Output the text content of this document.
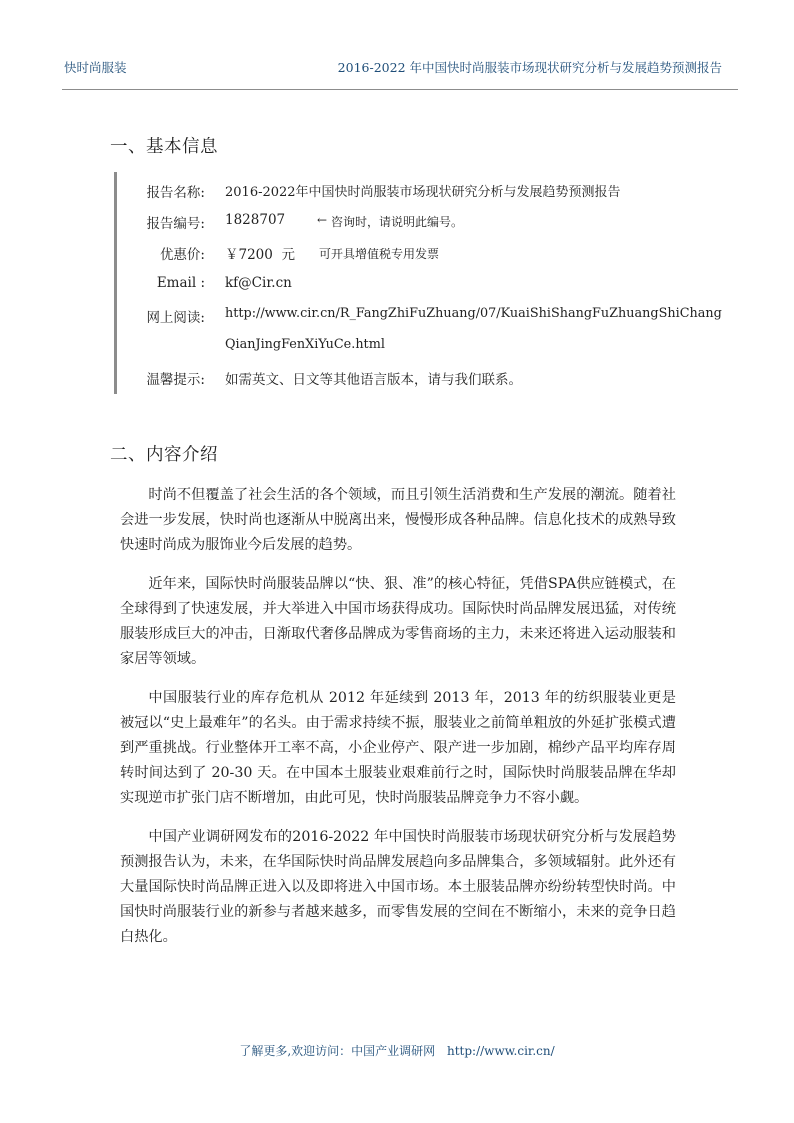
快时尚服装	2016-2022 年中国快时尚服装市场现状研究分析与发展趋势预测报告
一、基本信息
报告名称: 2016-2022年中国快时尚服装市场现状研究分析与发展趋势预测报告
报告编号: 1828707	← 咨询时，请说明此编号。
优惠价: ￥7200  元 可开具增值税专用发票
Email : kf@Cir.cn
网上阅读: http://www.cir.cn/R_FangZhiFuZhuang/07/KuaiShiShangFuZhuangShiChang
QianJingFenXiYuCe.html
温馨提示: 如需英文、日文等其他语言版本，请与我们联系。
二、内容介绍
时尚不但覆盖了社会生活的各个领域，而且引领生活消费和生产发展的潮流。随着社会进一步发展，快时尚也逐渐从中脱离出来，慢慢形成各种品牌。信息化技术的成熟导致快速时尚成为服饰业今后发展的趋势。
近年来，国际快时尚服装品牌以“快、狠、准”的核心特征，凭借SPA供应链模式，在全球得到了快速发展，并大举进入中国市场获得成功。国际快时尚品牌发展迅猛，对传统服装形成巨大的冲击，日渐取代奢侈品牌成为零售商场的主力，未来还将进入运动服装和家居等领域。
中国服装行业的库存危机从 2012 年延续到 2013 年，2013 年的纺织服装业更是被冠以“史上最难年”的名头。由于需求持续不振，服装业之前简单粗放的外延扩张模式遭到严重挑战。行业整体开工率不高，小企业停产、限产进一步加剧，棉纱产品平均库存周转时间达到了 20-30 天。在中国本土服装业艰难前行之时，国际快时尚服装品牌在华却实现逆市扩张门店不断增加，由此可见，快时尚服装品牌竞争力不容小觑。
中国产业调研网发布的2016-2022 年中国快时尚服装市场现状研究分析与发展趋势预测报告认为，未来，在华国际快时尚品牌发展趋向多品牌集合，多领域辐射。此外还有大量国际快时尚品牌正进入以及即将进入中国市场。本土服装品牌亦纷纷转型快时尚。中国快时尚服装行业的新参与者越来越多，而零售发展的空间在不断缩小，未来的竞争日趋白热化。
了解更多,欢迎访问：中国产业调研网 http://www.cir.cn/
